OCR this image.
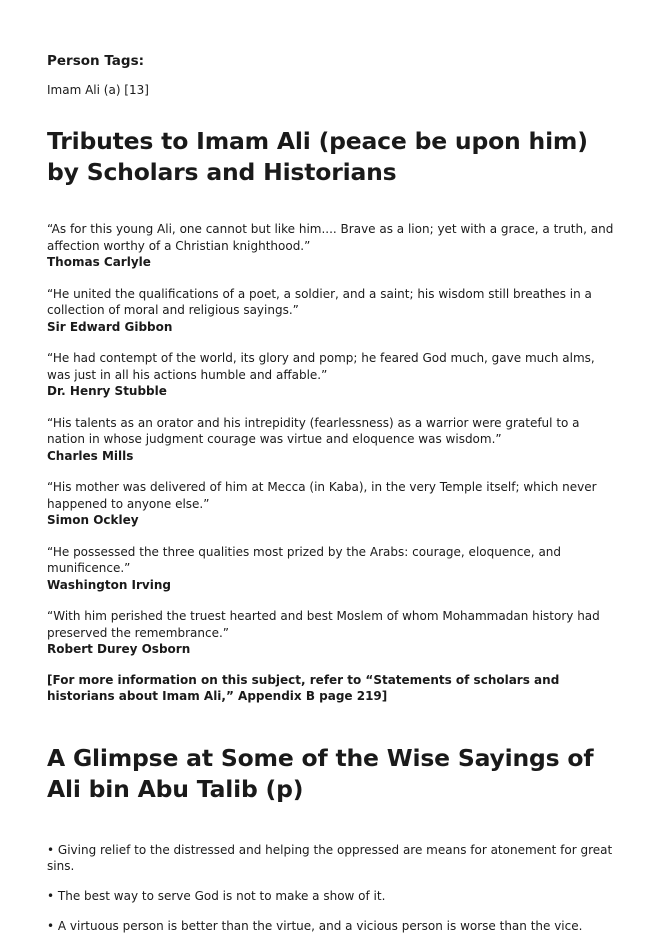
Person Tags:

Imam Ali (a) [13]

Tributes to Imam Ali (peace be upon him) by Scholars and Historians

“As for this young Ali, one cannot but like him.... Brave as a lion; yet with a grace, a truth, and affection worthy of a Christian knighthood.”

Thomas Carlyle

“He united the qualifications of a poet, a soldier, and a saint; his wisdom still breathes in a collection of moral and religious sayings.”

Sir Edward Gibbon

“He had contempt of the world, its glory and pomp; he feared God much, gave much alms, was just in all his actions humble and affable.”

Dr. Henry Stubble

“His talents as an orator and his intrepidity (fearlessness) as a warrior were grateful to a nation in whose judgment courage was virtue and eloquence was wisdom.”

Charles Mills

“His mother was delivered of him at Mecca (in Kaba), in the very Temple itself; which never happened to anyone else.”

Simon Ockley

“He possessed the three qualities most prized by the Arabs: courage, eloquence, and munificence.”

Washington Irving

“With him perished the truest hearted and best Moslem of whom Mohammadan history had preserved the remembrance.”

Robert Durey Osborn

[For more information on this subject, refer to “Statements of scholars and historians about Imam Ali,” Appendix B page 219]

A Glimpse at Some of the Wise Sayings of Ali bin Abu Talib (p)

• Giving relief to the distressed and helping the oppressed are means for atonement for great sins.

• The best way to serve God is not to make a show of it.

• A virtuous person is better than the virtue, and a vicious person is worse than the vice.
